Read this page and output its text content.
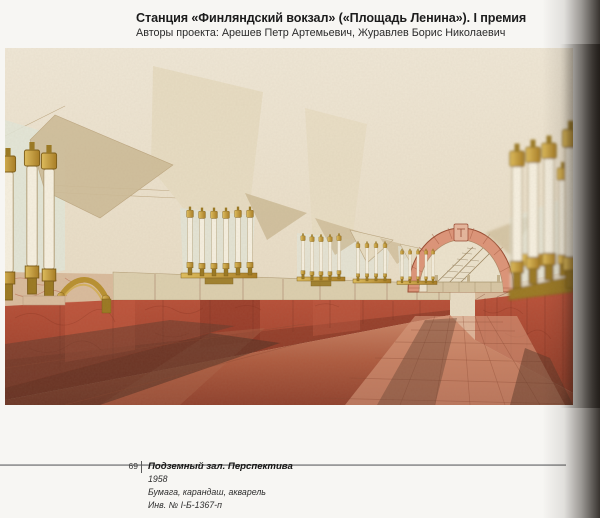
Станция «Финляндский вокзал» («Площадь Ленина»). I премия

Авторы проекта: Арешев Петр Артемьевич, Журавлев Борис Николаевич

69 Подземный зал. Перспектива
1958
Бумага, карандаш, акварель
Инв. № I-Б-1367-п
